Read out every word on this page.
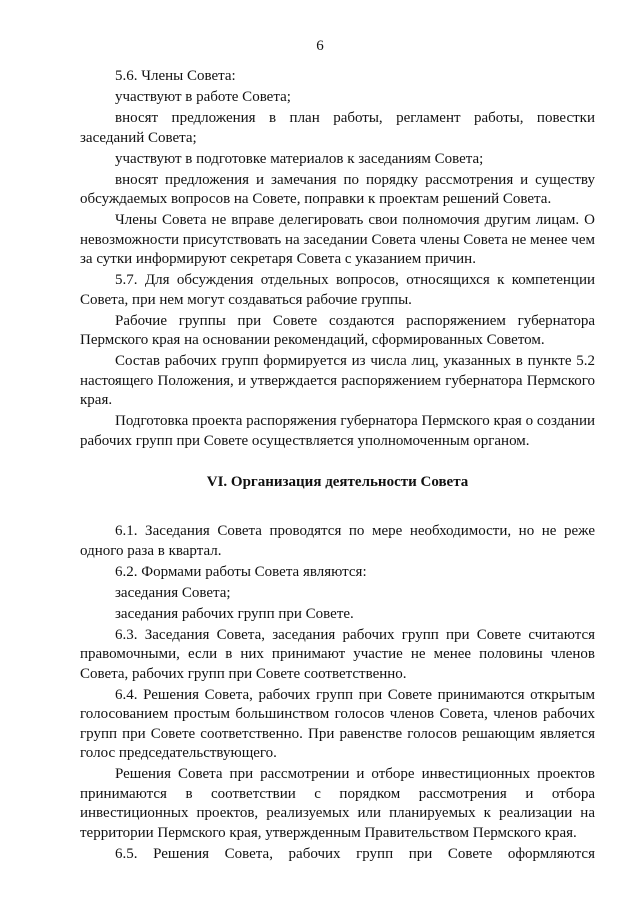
6

5.6. Члены Совета:

участвуют в работе Совета;

вносят предложения в план работы, регламент работы, повестки заседаний Совета;

участвуют в подготовке материалов к заседаниям Совета;

вносят предложения и замечания по порядку рассмотрения и существу обсуждаемых вопросов на Совете, поправки к проектам решений Совета.

Члены Совета не вправе делегировать свои полномочия другим лицам. О невозможности присутствовать на заседании Совета члены Совета не менее чем за сутки информируют секретаря Совета с указанием причин.

5.7. Для обсуждения отдельных вопросов, относящихся к компетенции Совета, при нем могут создаваться рабочие группы.

Рабочие группы при Совете создаются распоряжением губернатора Пермского края на основании рекомендаций, сформированных Советом.

Состав рабочих групп формируется из числа лиц, указанных в пункте 5.2 настоящего Положения, и утверждается распоряжением губернатора Пермского края.

Подготовка проекта распоряжения губернатора Пермского края о создании рабочих групп при Совете осуществляется уполномоченным органом.

VI. Организация деятельности Совета

6.1. Заседания Совета проводятся по мере необходимости, но не реже одного раза в квартал.

6.2. Формами работы Совета являются:

заседания Совета;

заседания рабочих групп при Совете.

6.3. Заседания Совета, заседания рабочих групп при Совете считаются правомочными, если в них принимают участие не менее половины членов Совета, рабочих групп при Совете соответственно.

6.4. Решения Совета, рабочих групп при Совете принимаются открытым голосованием простым большинством голосов членов Совета, членов рабочих групп при Совете соответственно. При равенстве голосов решающим является голос председательствующего.

Решения Совета при рассмотрении и отборе инвестиционных проектов принимаются в соответствии с порядком рассмотрения и отбора инвестиционных проектов, реализуемых или планируемых к реализации на территории Пермского края, утвержденным Правительством Пермского края.

6.5. Решения Совета, рабочих групп при Совете оформляются
